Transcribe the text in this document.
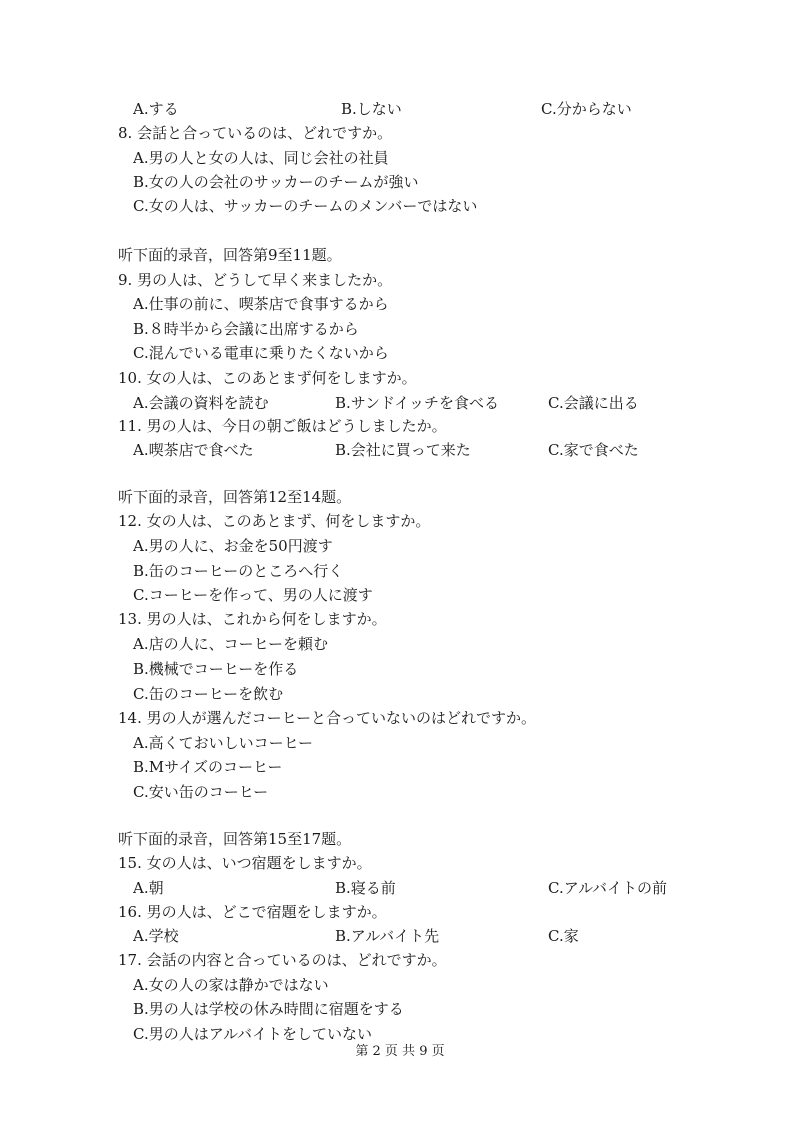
A.する	B.しない	C.分からない
8. 会話と合っているのは、どれですか。
A.男の人と女の人は、同じ会社の社員
B.女の人の会社のサッカーのチームが強い
C.女の人は、サッカーのチームのメンバーではない
听下面的录音，回答第9至11题。
9. 男の人は、どうして早く来ましたか。
A.仕事の前に、喫茶店で食事するから
B.８時半から会議に出席するから
C.混んでいる電車に乗りたくないから
10. 女の人は、このあとまず何をしますか。
A.会議の資料を読む	B.サンドイッチを食べる	C.会議に出る
11. 男の人は、今日の朝ご飯はどうしましたか。
A.喫茶店で食べた	B.会社に買って来た	C.家で食べた
听下面的录音，回答第12至14题。
12. 女の人は、このあとまず、何をしますか。
A.男の人に、お金を50円渡す
B.缶のコーヒーのところへ行く
C.コーヒーを作って、男の人に渡す
13. 男の人は、これから何をしますか。
A.店の人に、コーヒーを頼む
B.機械でコーヒーを作る
C.缶のコーヒーを飲む
14. 男の人が選んだコーヒーと合っていないのはどれですか。
A.高くておいしいコーヒー
B.Mサイズのコーヒー
C.安い缶のコーヒー
听下面的录音，回答第15至17题。
15. 女の人は、いつ宿題をしますか。
A.朝	B.寝る前	C.アルバイトの前
16. 男の人は、どこで宿題をしますか。
A.学校	B.アルバイト先	C.家
17. 会話の内容と合っているのは、どれですか。
A.女の人の家は静かではない
B.男の人は学校の休み時間に宿題をする
C.男の人はアルバイトをしていない
第 2 页 共 9 页
